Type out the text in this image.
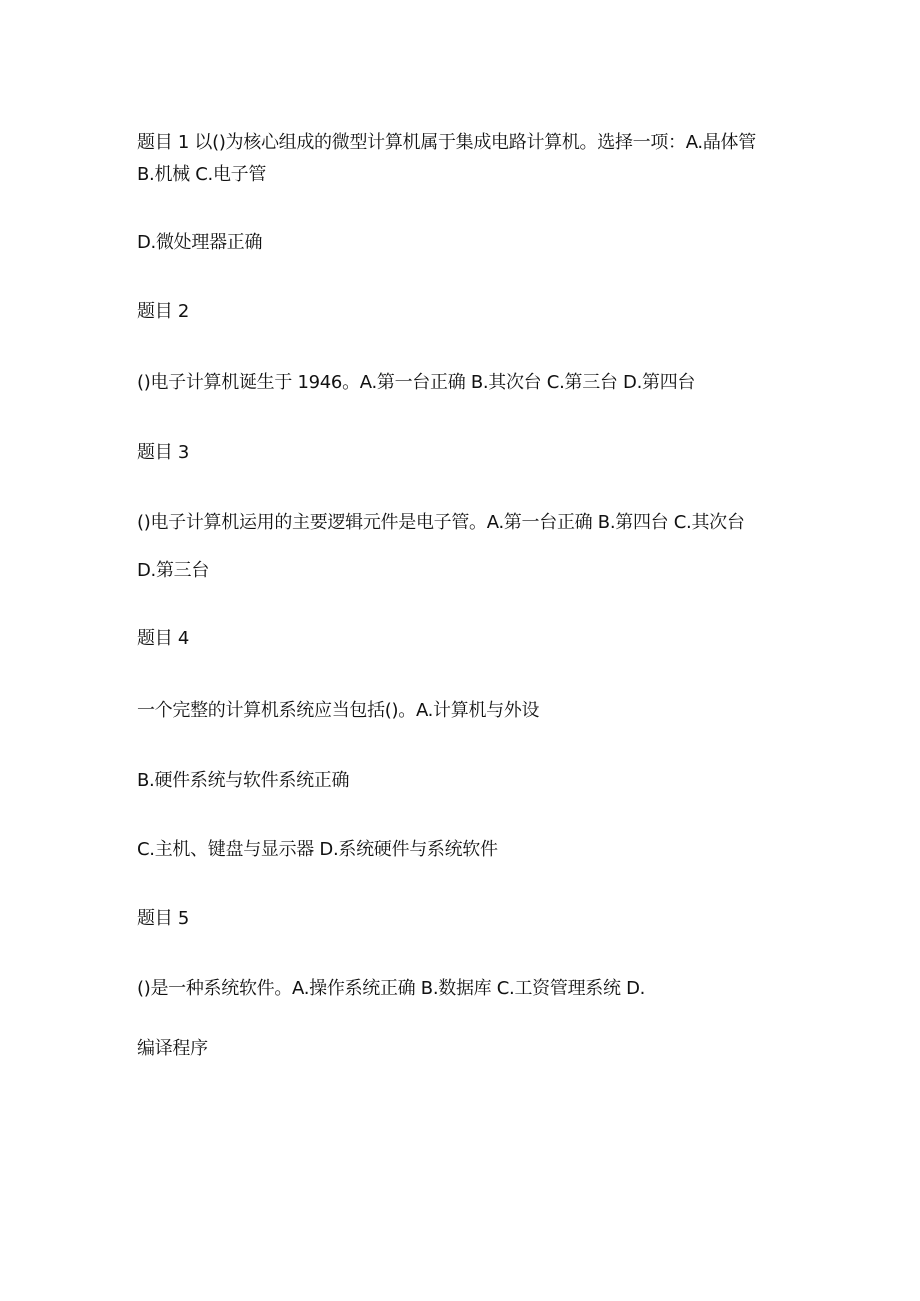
题目 1 以()为核心组成的微型计算机属于集成电路计算机。选择一项：A.晶体管

B.机械 C.电子管

D.微处理器正确

题目 2

()电子计算机诞生于 1946。A.第一台正确 B.其次台 C.第三台 D.第四台

题目 3

()电子计算机运用的主要逻辑元件是电子管。A.第一台正确 B.第四台 C.其次台

D.第三台

题目 4

一个完整的计算机系统应当包括()。A.计算机与外设

B.硬件系统与软件系统正确

C.主机、键盘与显示器 D.系统硬件与系统软件

题目 5

()是一种系统软件。A.操作系统正确 B.数据库 C.工资管理系统 D.

编译程序
